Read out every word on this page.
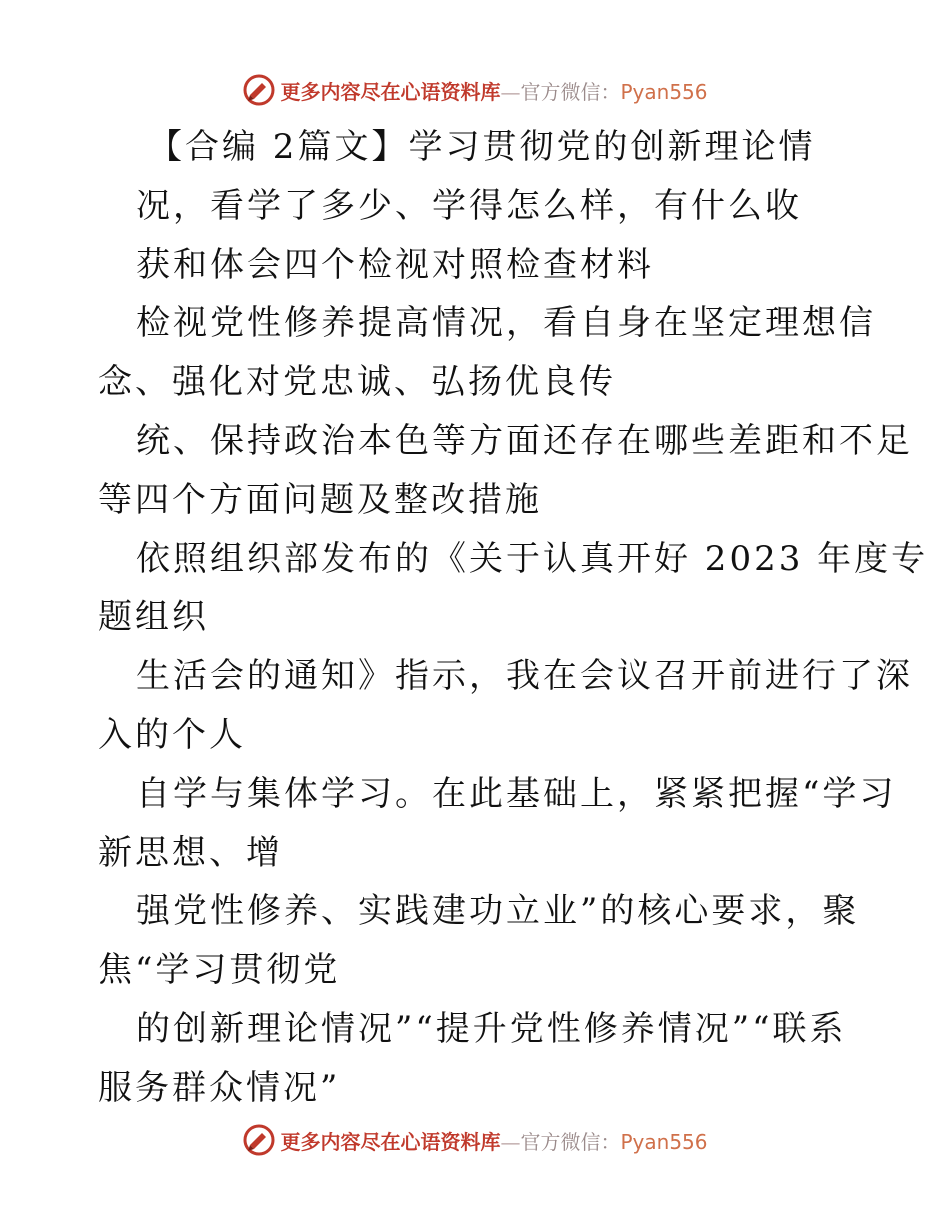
更多内容尽在心语资料库—官方微信：Pyan556
【合编 2篇文】学习贯彻党的创新理论情
况，看学了多少、学得怎么样，有什么收
获和体会四个检视对照检查材料
检视党性修养提高情况，看自身在坚定理想信
念、强化对党忠诚、弘扬优良传
统、保持政治本色等方面还存在哪些差距和不足
等四个方面问题及整改措施
依照组织部发布的《关于认真开好 2023 年度专
题组织
生活会的通知》指示，我在会议召开前进行了深
入的个人
自学与集体学习。在此基础上，紧紧把握“学习
新思想、增
强党性修养、实践建功立业”的核心要求，聚
焦“学习贯彻党
的创新理论情况”“提升党性修养情况”“联系
服务群众情况”
更多内容尽在心语资料库—官方微信：Pyan556
